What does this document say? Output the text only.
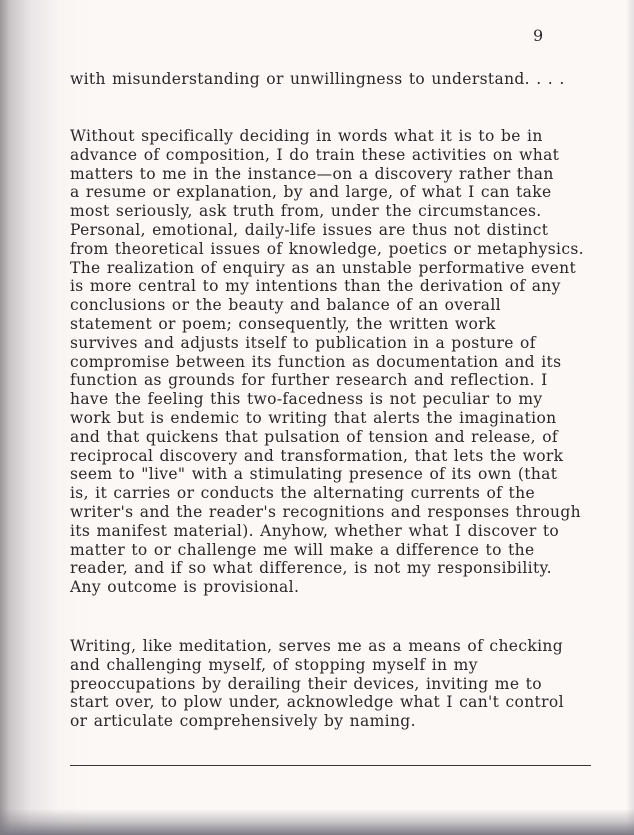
9
with misunderstanding or unwillingness to understand. . . .
Without specifically deciding in words what it is to be in
advance of composition, I do train these activities on what
matters to me in the instance—on a discovery rather than
a resume or explanation, by and large, of what I can take
most seriously, ask truth from, under the circumstances.
Personal, emotional, daily-life issues are thus not distinct
from theoretical issues of knowledge, poetics or metaphysics.
The realization of enquiry as an unstable performative event
is more central to my intentions than the derivation of any
conclusions or the beauty and balance of an overall
statement or poem; consequently, the written work
survives and adjusts itself to publication in a posture of
compromise between its function as documentation and its
function as grounds for further research and reflection. I
have the feeling this two-facedness is not peculiar to my
work but is endemic to writing that alerts the imagination
and that quickens that pulsation of tension and release, of
reciprocal discovery and transformation, that lets the work
seem to "live" with a stimulating presence of its own (that
is, it carries or conducts the alternating currents of the
writer's and the reader's recognitions and responses through
its manifest material). Anyhow, whether what I discover to
matter to or challenge me will make a difference to the
reader, and if so what difference, is not my responsibility.
Any outcome is provisional.
Writing, like meditation, serves me as a means of checking
and challenging myself, of stopping myself in my
preoccupations by derailing their devices, inviting me to
start over, to plow under, acknowledge what I can't control
or articulate comprehensively by naming.
